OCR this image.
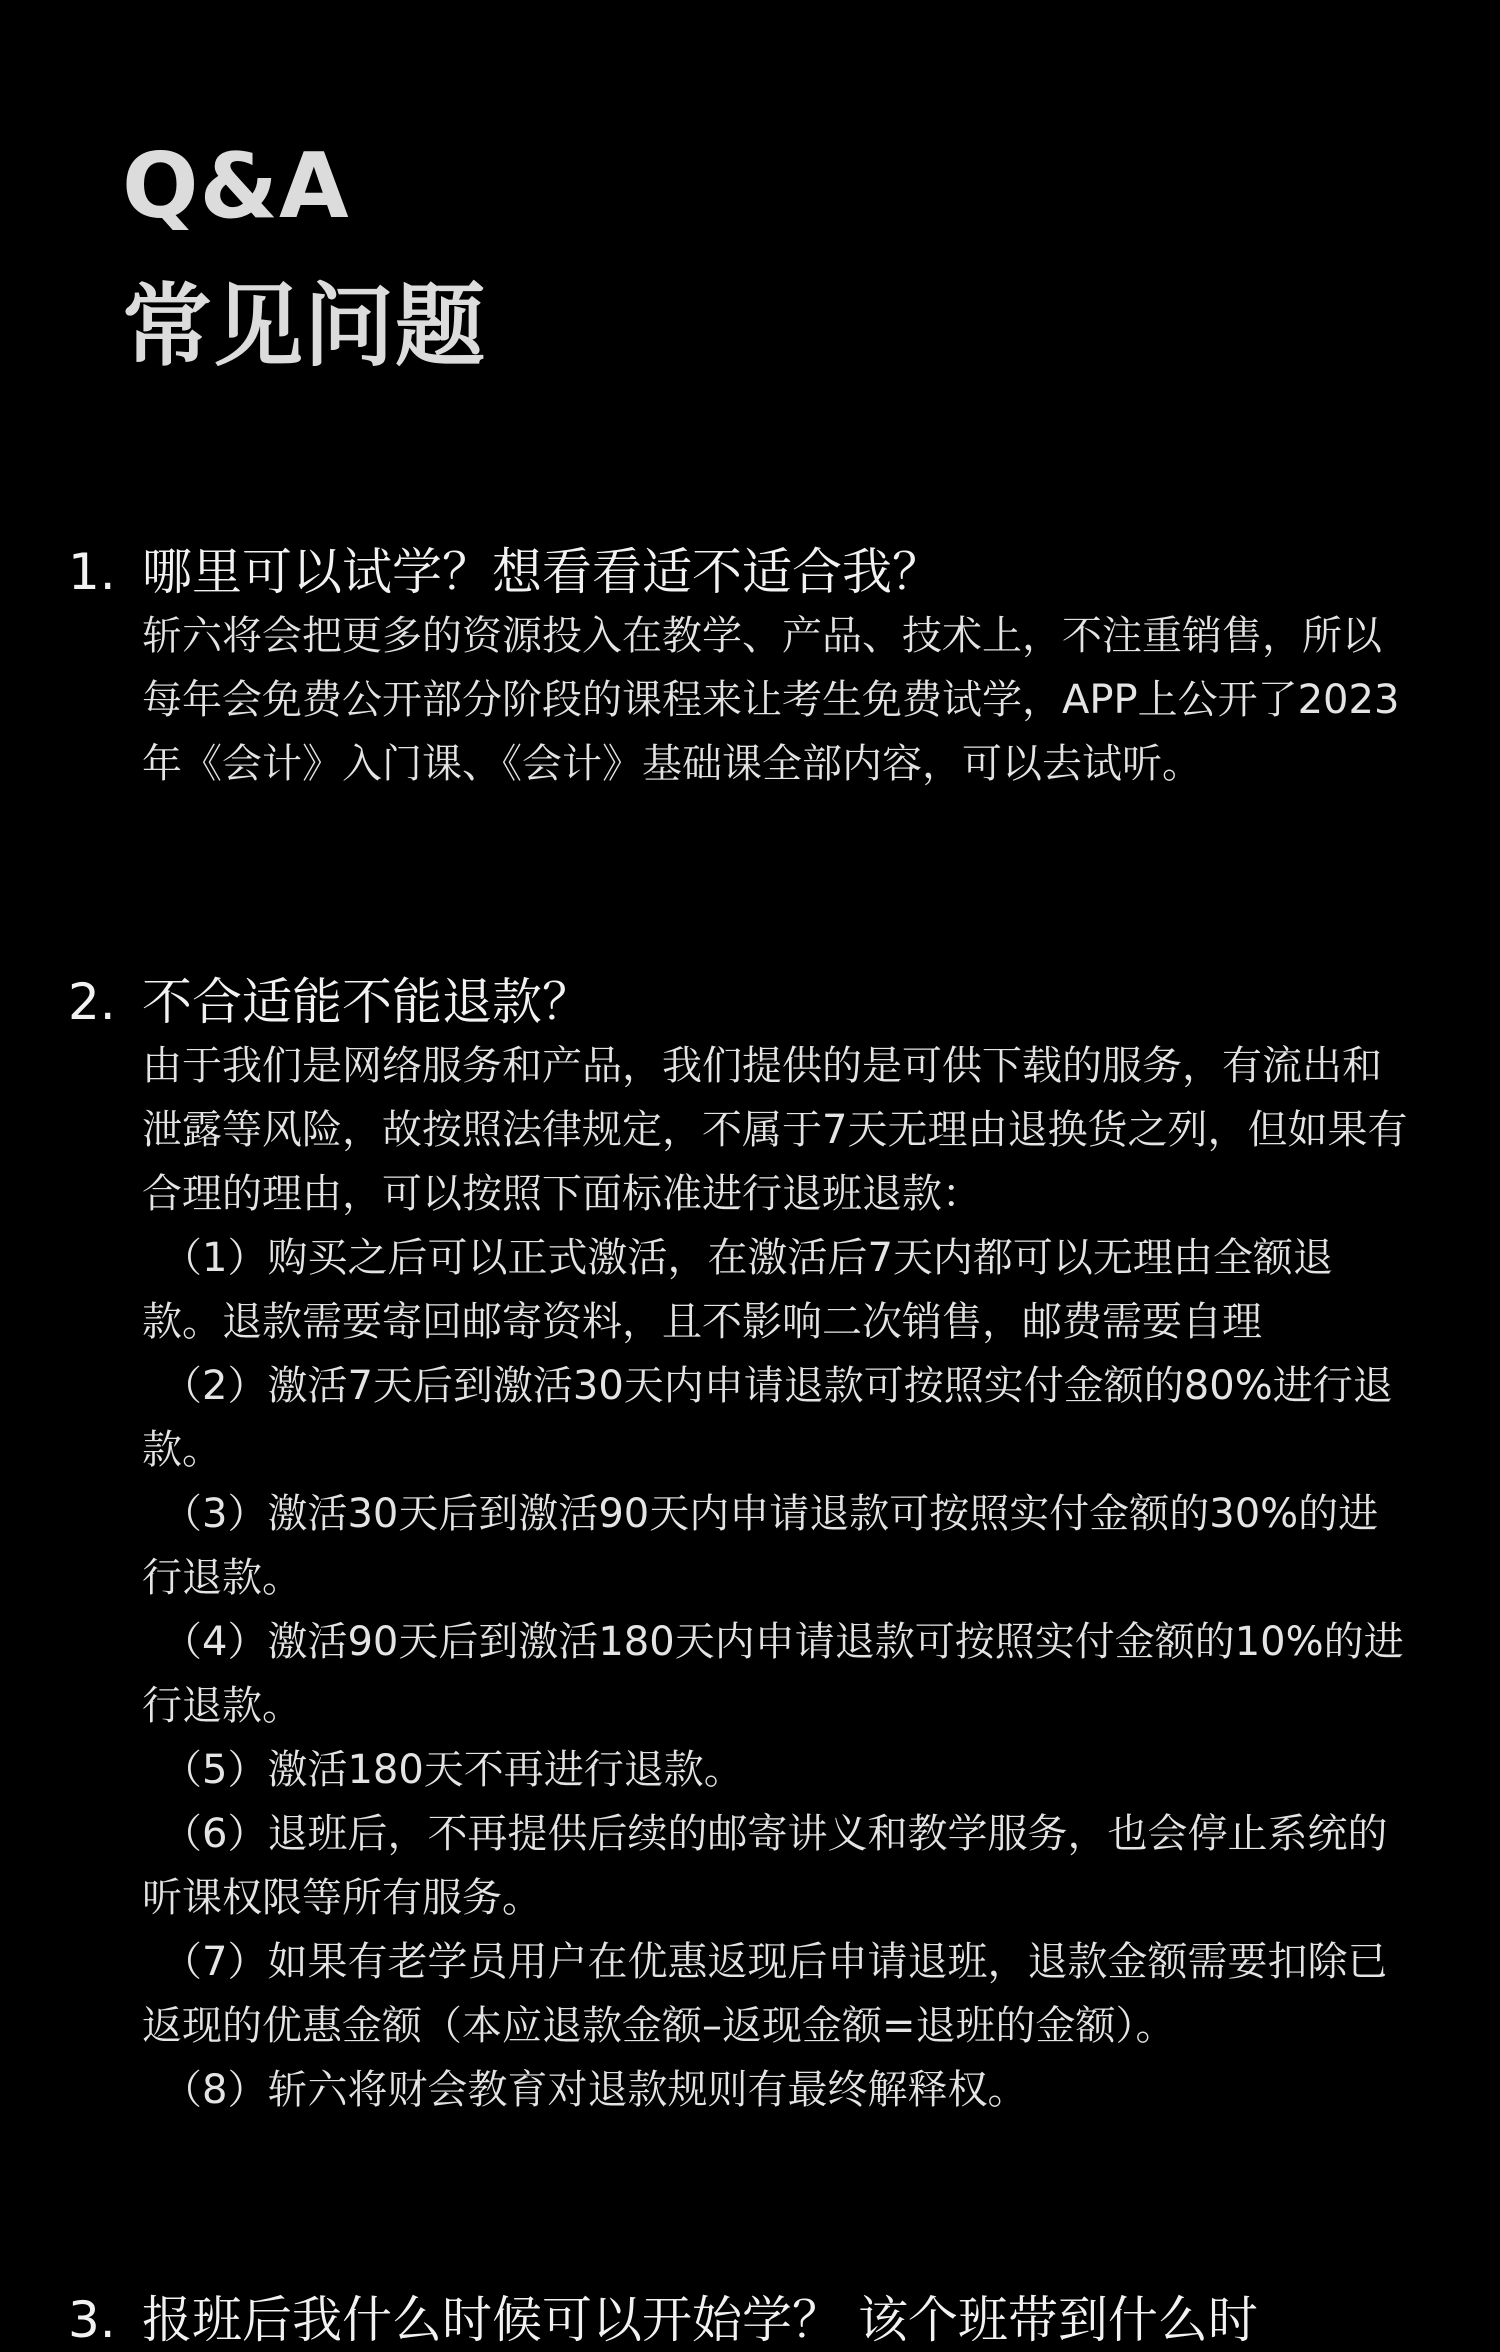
Q&A
常见问题
1. 哪里可以试学？想看看适不适合我？

斩六将会把更多的资源投入在教学、产品、技术上，不注重销售，所以每年会免费公开部分阶段的课程来让考生免费试学，APP上公开了2023年《会计》入门课、《会计》基础课全部内容，可以去试听。

2. 不合适能不能退款？

由于我们是网络服务和产品，我们提供的是可供下载的服务，有流出和泄露等风险，故按照法律规定，不属于7天无理由退换货之列，但如果有合理的理由，可以按照下面标准进行退班退款：

（1）购买之后可以正式激活，在激活后7天内都可以无理由全额退款。退款需要寄回邮寄资料，且不影响二次销售，邮费需要自理

（2）激活7天后到激活30天内申请退款可按照实付金额的80%进行退款。

（3）激活30天后到激活90天内申请退款可按照实付金额的30%的进行退款。

（4）激活90天后到激活180天内申请退款可按照实付金额的10%的进行退款。

（5）激活180天不再进行退款。

（6）退班后，不再提供后续的邮寄讲义和教学服务，也会停止系统的听课权限等所有服务。

（7）如果有老学员用户在优惠返现后申请退班，退款金额需要扣除已返现的优惠金额（本应退款金额–返现金额=退班的金额）。

（8）斩六将财会教育对退款规则有最终解释权。

3. 报班后我什么时候可以开始学？ 该个班带到什么时
